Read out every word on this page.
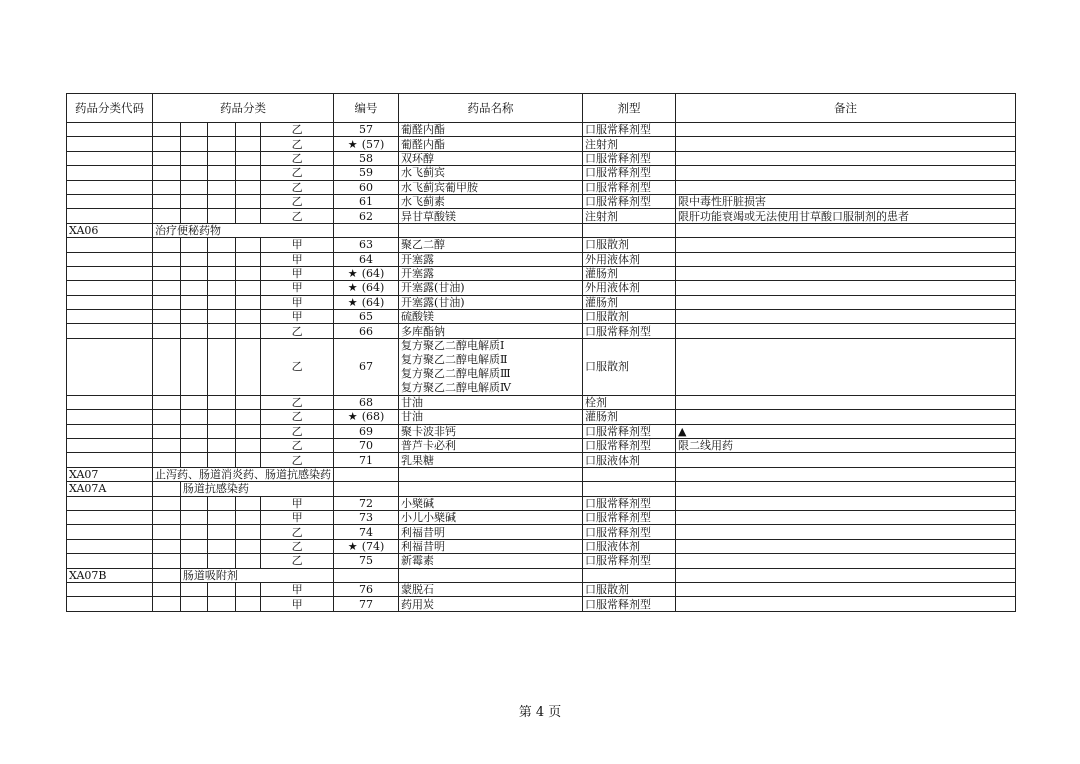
药品分类代码	药品分类					编号	药品名称	剂型	备注
					乙	57	葡醛内酯	口服常释剂型	
					乙	★ (57)	葡醛内酯	注射剂	
					乙	58	双环醇	口服常释剂型	
					乙	59	水飞蓟宾	口服常释剂型	
					乙	60	水飞蓟宾葡甲胺	口服常释剂型	
					乙	61	水飞蓟素	口服常释剂型	限中毒性肝脏损害
					乙	62	异甘草酸镁	注射剂	限肝功能衰竭或无法使用甘草酸口服制剂的患者
XA06	治疗便秘药物								
					甲	63	聚乙二醇	口服散剂	
					甲	64	开塞露	外用液体剂	
					甲	★ (64)	开塞露	灌肠剂	
					甲	★ (64)	开塞露(甘油)	外用液体剂	
					甲	★ (64)	开塞露(甘油)	灌肠剂	
					甲	65	硫酸镁	口服散剂	
					乙	66	多库酯钠	口服常释剂型	
					乙	67	复方聚乙二醇电解质Ⅰ
复方聚乙二醇电解质Ⅱ
复方聚乙二醇电解质Ⅲ
复方聚乙二醇电解质Ⅳ	口服散剂	
					乙	68	甘油	栓剂	
					乙	★ (68)	甘油	灌肠剂	
					乙	69	聚卡波非钙	口服常释剂型	▲
					乙	70	普芦卡必利	口服常释剂型	限二线用药
					乙	71	乳果糖	口服液体剂	
XA07	止泻药、肠道消炎药、肠道抗感染药								
XA07A		肠道抗感染药							
					甲	72	小檗碱	口服常释剂型	
					甲	73	小儿小檗碱	口服常释剂型	
					乙	74	利福昔明	口服常释剂型	
					乙	★ (74)	利福昔明	口服液体剂	
					乙	75	新霉素	口服常释剂型	
XA07B		肠道吸附剂							
					甲	76	蒙脱石	口服散剂	
					甲	77	药用炭	口服常释剂型	
第 4 页
